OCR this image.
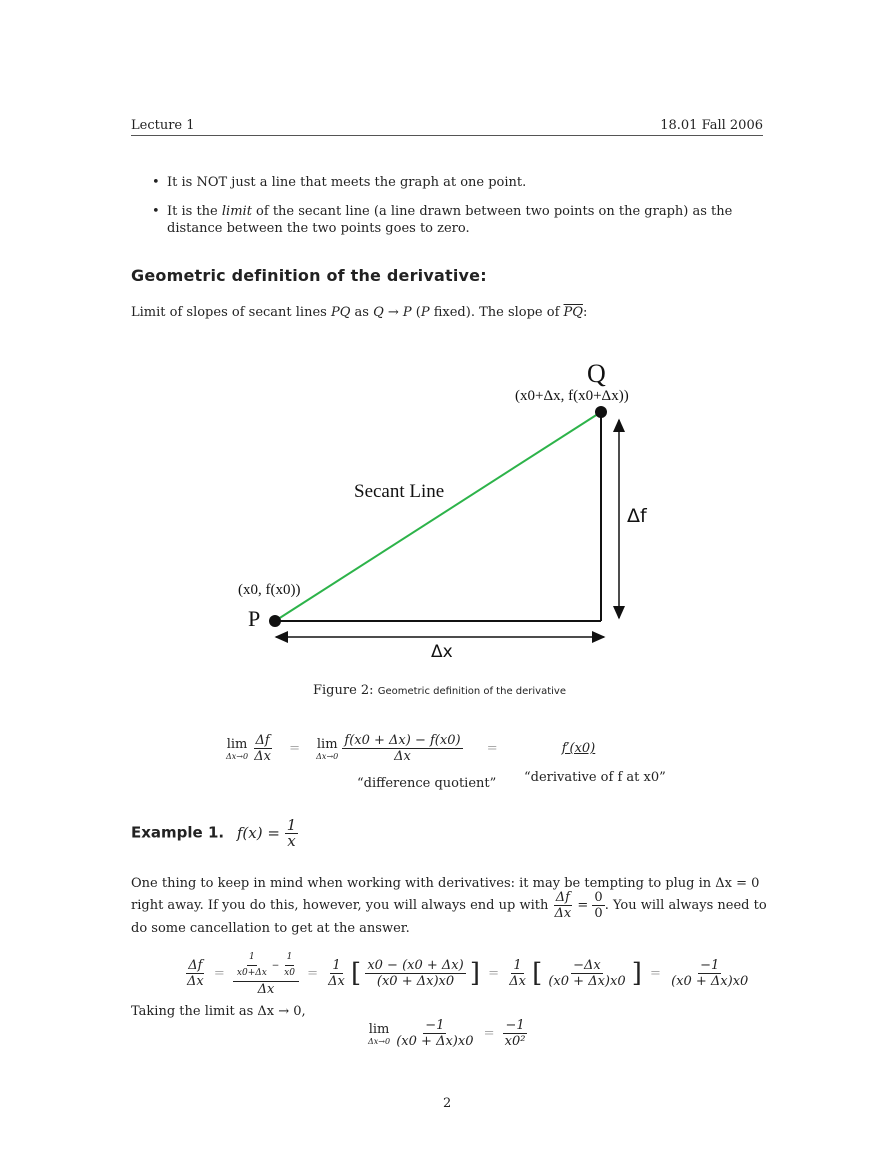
Lecture 1	18.01 Fall 2006
• It is NOT just a line that meets the graph at one point.
• It is the limit of the secant line (a line drawn between two points on the graph) as the distance between the two points goes to zero.
Geometric definition of the derivative:
Limit of slopes of secant lines PQ as Q → P (P fixed). The slope of $\overline{PQ}$:
Q
(x0+Δx, f(x0+Δx))
Secant Line
Δf
(x0, f(x0))
P
Δx
Figure 2: Geometric definition of the derivative
lim
Δx→0
$\frac{\Delta f}{\Delta x} = \lim$
Δx→0
$\frac{f(x0 + \Delta x) - f(x0)}{\Delta x}$ =	f′(x0)
“difference quotient” “derivative of f at x0”
Example 1. $f(x) = \frac{1}{x}$
One thing to keep in mind when working with derivatives: it may be tempting to plug in Δx = 0
right away. If you do this, however, you will always end up with $\frac{\Delta f}{\Delta x} = \frac{0}{0}$ . You will always need to
do some cancellation to get at the answer.
$\frac{\Delta f}{\Delta x} = \frac{\frac{1}{x0+\Delta x} - \frac{1}{x0}}{\Delta x} = \frac{1}{\Delta x}$ [ $\frac{x0 - (x0 + \Delta x)}{(x0 + \Delta x)x0}$ ] = $\frac{1}{\Delta x}$ [ $\frac{-\Delta x}{(x0 + \Delta x)x0}$ ] = $\frac{-1}{(x0 + \Delta x)x0}$
Taking the limit as Δx → 0,
lim
Δx→0
$\frac{-1}{(x0 + \Delta x)x0} = \frac{-1}{\text{x0²}}$
2
